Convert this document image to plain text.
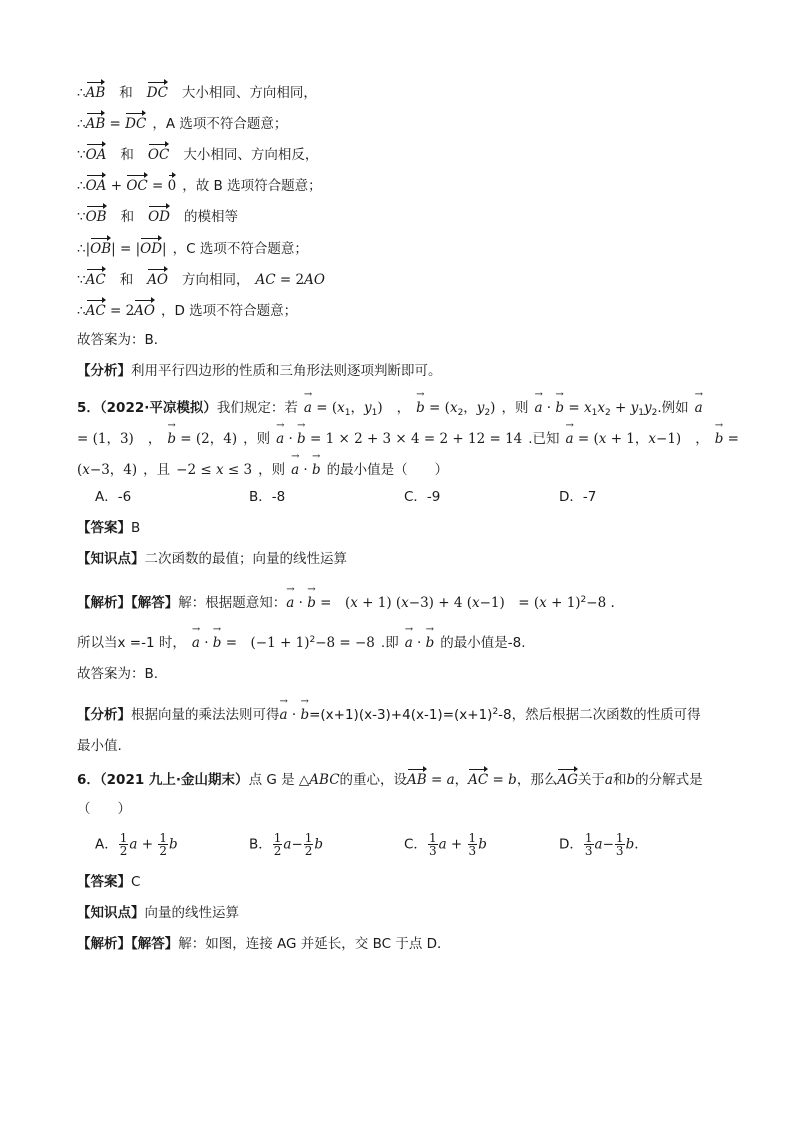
∴AB 和 DC 大小相同、方向相同，
∴AB = DC ，A 选项不符合题意；
∵OA 和 OC 大小相同、方向相反，
∴OA + OC = 0 ，故 B 选项符合题意；
∵OB 和 OD 的模相等
∴|OB| = |OD| ，C 选项不符合题意；
∵AC 和 AO 方向相同， AC = 2AO
∴AC = 2AO ，D 选项不符合题意；
故答案为：B．
【分析】利用平行四边形的性质和三角形法则逐项判断即可。
5．（2022·平凉模拟）我们规定：若 → $a = (x_1$，$y_1$) ， → $b = (x_2$，$y_2$) ，则 → a · → $b = x_1x_2 + y_1y_2$.例如 → a
= (1，3) ， → b = (2，4) ，则 → a · → b = 1 × 2 + 3 × 4 = 2 + 12 = 14 .已知 → a = (x + 1，x−1) ， → b =
(x−3，4) ，且 −2 ≤ x ≤ 3 ，则 → a · → b 的最小值是（　　）
A．-6	B．-8	C．-9	D．-7
【答案】B
【知识点】二次函数的最值；向量的线性运算
【解析】【解答】解：根据题意知：→ a · → b =　(x + 1) (x−3) + 4 (x−1)　= $(x + 1)^2-8$ .
所以当x =-1 时， → a · → b =　$(-1 + 1)^2-8 = -8$ .即 → a · → b 的最小值是-8.
故答案为：B.
【分析】根据向量的乘法法则可得→ a · → $b=(x+1)(x-3)+4(x-1)=(x+1)^2-8$，然后根据二次函数的性质可得
最小值.
6．（2021 九上·金山期末）点 G 是 △ABC的重心，设AB = a，AC = b，那么AG关于a和b的分解式是
（　　）
A． $\frac{1}{2}$ $a + \frac{1}{2}$ b	B． $\frac{1}{2} a- \frac{1}{2}$ b	C． $\frac{1}{3}$ $a + \frac{1}{3}$ b	D． $\frac{1}{3} a- \frac{1}{3} b$.
【答案】C
【知识点】向量的线性运算
【解析】【解答】解：如图，连接 AG 并延长，交 BC 于点 D．
